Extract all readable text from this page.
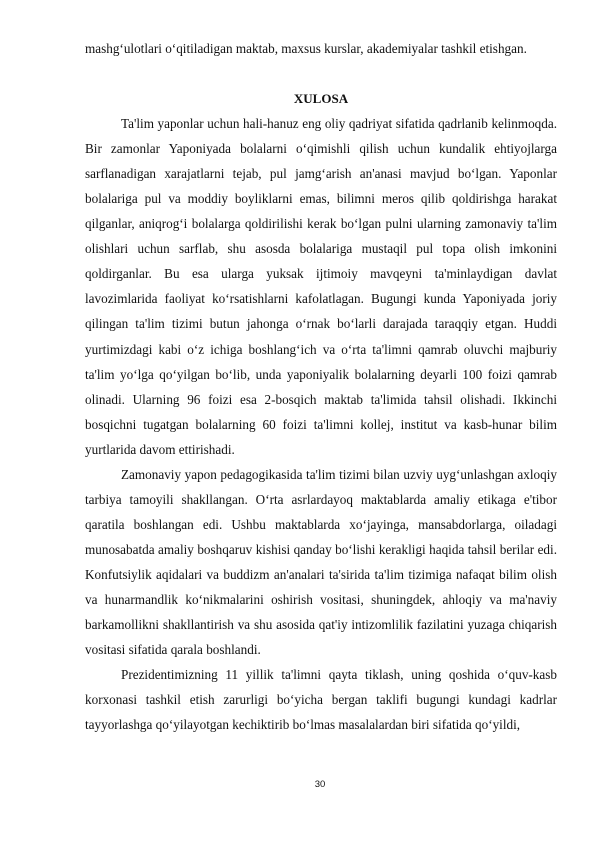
mashg‘ulotlari o‘qitiladigan maktab, maxsus kurslar, akademiyalar tashkil etishgan.

XULOSA

Ta'lim yaponlar uchun hali-hanuz eng oliy qadriyat sifatida qadrlanib kelinmoqda. Bir zamonlar Yaponiyada bolalarni o‘qimishli qilish uchun kundalik ehtiyojlarga sarflanadigan xarajatlarni tejab, pul jamg‘arish an'anasi mavjud bo‘lgan. Yaponlar bolalariga pul va moddiy boyliklarni emas, bilimni meros qilib qoldirishga harakat qilganlar, aniqrog‘i bolalarga qoldirilishi kerak bo‘lgan pulni ularning zamonaviy ta'lim olishlari uchun sarflab, shu asosda bolalariga mustaqil pul topa olish imkonini qoldirganlar. Bu esa ularga yuksak ijtimoiy mavqeyni ta'minlaydigan davlat lavozimlarida faoliyat ko‘rsatishlarni kafolatlagan. Bugungi kunda Yaponiyada joriy qilingan ta'lim tizimi butun jahonga o‘rnak bo‘larli darajada taraqqiy etgan. Huddi yurtimizdagi kabi o‘z ichiga boshlang‘ich va o‘rta ta'limni qamrab oluvchi majburiy ta'lim yo‘lga qo‘yilgan bo‘lib, unda yaponiyalik bolalarning deyarli 100 foizi qamrab olinadi. Ularning 96 foizi esa 2-bosqich maktab ta'limida tahsil olishadi. Ikkinchi bosqichni tugatgan bolalarning 60 foizi ta'limni kollej, institut va kasb-hunar bilim yurtlarida davom ettirishadi.

Zamonaviy yapon pedagogikasida ta'lim tizimi bilan uzviy uyg‘unlashgan axloqiy tarbiya tamoyili shakllangan. O‘rta asrlardayoq maktablarda amaliy etikaga e'tibor qaratila boshlangan edi. Ushbu maktablarda xo‘jayinga, mansabdorlarga, oiladagi munosabatda amaliy boshqaruv kishisi qanday bo‘lishi kerakligi haqida tahsil berilar edi. Konfutsiylik aqidalari va buddizm an'analari ta'sirida ta'lim tizimiga nafaqat bilim olish va hunarmandlik ko‘nikmalarini oshirish vositasi, shuningdek, ahloqiy va ma'naviy barkamollikni shakllantirish va shu asosida qat'iy intizomlilik fazilatini yuzaga chiqarish vositasi sifatida qarala boshlandi.

Prezidentimizning 11 yillik ta'limni qayta tiklash, uning qoshida o‘quv-kasb korxonasi tashkil etish zarurligi bo‘yicha bergan taklifi bugungi kundagi kadrlar tayyorlashga qo‘yilayotgan kechiktirib bo‘lmas masalalardan biri sifatida qo‘yildi,

30
